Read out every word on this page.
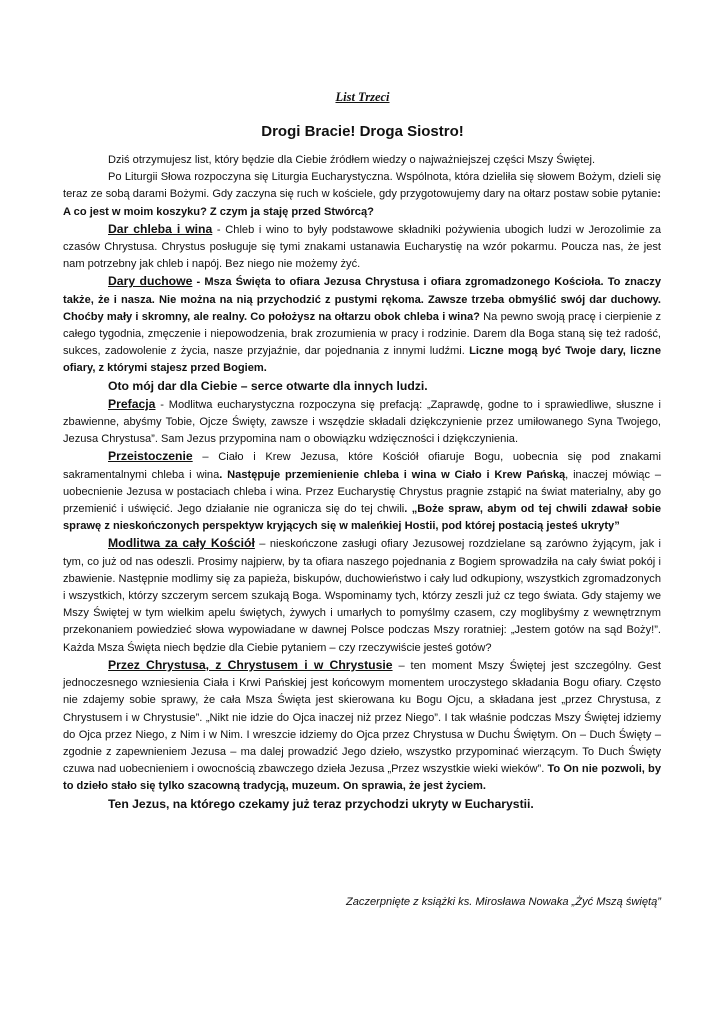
List Trzeci
Drogi Bracie! Droga Siostro!

Dziś otrzymujesz list, który będzie dla Ciebie źródłem wiedzy o najważniejszej części Mszy Świętej.

Po Liturgii Słowa rozpoczyna się Liturgia Eucharystyczna. Wspólnota, która dzieliła się słowem Bożym, dzieli się teraz ze sobą darami Bożymi. Gdy zaczyna się ruch w kościele, gdy przygotowujemy dary na ołtarz postaw sobie pytanie: A co jest w moim koszyku? Z czym ja staję przed Stwórcą?

Dar chleba i wina - Chleb i wino to były podstawowe składniki pożywienia ubogich ludzi w Jerozolimie za czasów Chrystusa. Chrystus posługuje się tymi znakami ustanawia Eucharystię na wzór pokarmu. Poucza nas, że jest nam potrzebny jak chleb i napój. Bez niego nie możemy żyć.

Dary duchowe - Msza Święta to ofiara Jezusa Chrystusa i ofiara zgromadzonego Kościoła. To znaczy także, że i nasza. Nie można na nią przychodzić z pustymi rękoma. Zawsze trzeba obmyślić swój dar duchowy. Choćby mały i skromny, ale realny. Co położysz na ołtarzu obok chleba i wina? Na pewno swoją pracę i cierpienie z całego tygodnia, zmęczenie i niepowodzenia, brak zrozumienia w pracy i rodzinie. Darem dla Boga staną się też radość, sukces, zadowolenie z życia, nasze przyjaźnie, dar pojednania z innymi ludźmi. Liczne mogą być Twoje dary, liczne ofiary, z którymi stajesz przed Bogiem.

Oto mój dar dla Ciebie – serce otwarte dla innych ludzi.

Prefacja - Modlitwa eucharystyczna rozpoczyna się prefacją: „Zaprawdę, godne to i sprawiedliwe, słuszne i zbawienne, abyśmy Tobie, Ojcze Święty, zawsze i wszędzie składali dziękczynienie przez umiłowanego Syna Twojego, Jezusa Chrystusa”. Sam Jezus przypomina nam o obowiązku wdzięczności i dziękczynienia.

Przeistoczenie – Ciało i Krew Jezusa, które Kościół ofiaruje Bogu, uobecnia się pod znakami sakramentalnymi chleba i wina. Następuje przemienienie chleba i wina w Ciało i Krew Pańską, inaczej mówiąc – uobecnienie Jezusa w postaciach chleba i wina. Przez Eucharystię Chrystus pragnie zstąpić na świat materialny, aby go przemienić i uświęcić. Jego działanie nie ogranicza się do tej chwili. „Boże spraw, abym od tej chwili zdawał sobie sprawę z nieskończonych perspektyw kryjących się w maleńkiej Hostii, pod której postacią jesteś ukryty”

Modlitwa za cały Kościół – nieskończone zasługi ofiary Jezusowej rozdzielane są zarówno żyjącym, jak i tym, co już od nas odeszli. Prosimy najpierw, by ta ofiara naszego pojednania z Bogiem sprowadziła na cały świat pokój i zbawienie. Następnie modlimy się za papieża, biskupów, duchowieństwo i cały lud odkupiony, wszystkich zgromadzonych i wszystkich, którzy szczerym sercem szukają Boga. Wspominamy tych, którzy zeszli już cz tego świata. Gdy stajemy we Mszy Świętej w tym wielkim apelu świętych, żywych i umarłych to pomyślmy czasem, czy moglibyśmy z wewnętrznym przekonaniem powiedzieć słowa wypowiadane w dawnej Polsce podczas Mszy roratniej: „Jestem gotów na sąd Boży!”. Każda Msza Święta niech będzie dla Ciebie pytaniem – czy rzeczywiście jesteś gotów?

Przez Chrystusa, z Chrystusem i w Chrystusie – ten moment Mszy Świętej jest szczególny. Gest jednoczesnego wzniesienia Ciała i Krwi Pańskiej jest końcowym momentem uroczystego składania Bogu ofiary. Często nie zdajemy sobie sprawy, że cała Msza Święta jest skierowana ku Bogu Ojcu, a składana jest „przez Chrystusa, z Chrystusem i w Chrystusie”. „Nikt nie idzie do Ojca inaczej niż przez Niego”. I tak właśnie podczas Mszy Świętej idziemy do Ojca przez Niego, z Nim i w Nim. I wreszcie idziemy do Ojca przez Chrystusa w Duchu Świętym. On – Duch Święty – zgodnie z zapewnieniem Jezusa – ma dalej prowadzić Jego dzieło, wszystko przypominać wierzącym. To Duch Święty czuwa nad uobecnieniem i owocnością zbawczego dzieła Jezusa „Przez wszystkie wieki wieków”. To On nie pozwoli, by to dzieło stało się tylko szacowną tradycją, muzeum. On sprawia, że jest życiem.

Ten Jezus, na którego czekamy już teraz przychodzi ukryty w Eucharystii.

Zaczerpnięte z książki ks. Mirosława Nowaka „Żyć Mszą świętą”
